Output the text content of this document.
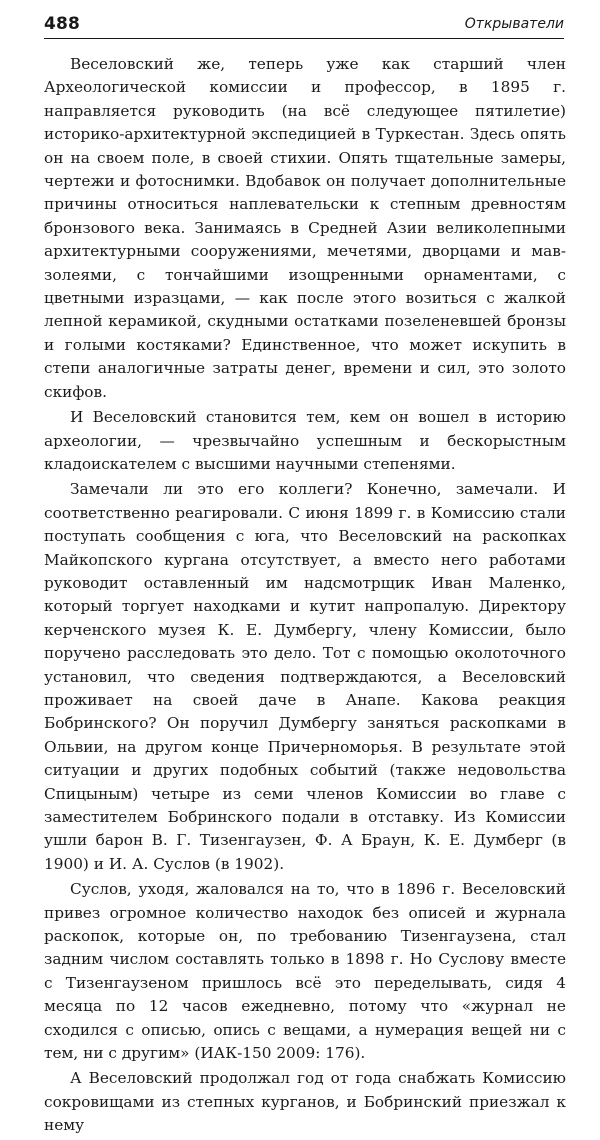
488	Открыватели

Веселовский же, теперь уже как старший член Археологической комиссии и профессор, в 1895 г. направляется руководить (на всё следующее пятилетие) историко-архитектурной экспедицией в Туркестан. Здесь опять он на своем поле, в своей стихии. Опять тщательные замеры, чертежи и фотоснимки. Вдобавок он получает дополнительные причины относиться наплевательски к степным древностям бронзового века. Занимаясь в Средней Азии великолепными архитектурными сооружениями, мечетями, дворцами и мавзолеями, с тончайшими изощренными орнаментами, с цветными изразцами, — как после этого возиться с жалкой лепной керамикой, скудными остатками позеленевшей бронзы и голыми костяками? Единственное, что может искупить в степи аналогичные затраты денег, времени и сил, это золото скифов.

И Веселовский становится тем, кем он вошел в историю археологии, — чрезвычайно успешным и бескорыстным кладоискателем с высшими научными степенями.

Замечали ли это его коллеги? Конечно, замечали. И соответственно реагировали. С июня 1899 г. в Комиссию стали поступать сообщения с юга, что Веселовский на раскопках Майкопского кургана отсутствует, а вместо него работами руководит оставленный им надсмотрщик Иван Маленко, который торгует находками и кутит напропалую. Директору керченского музея К. Е. Думбергу, члену Комиссии, было поручено расследовать это дело. Тот с помощью околоточного установил, что сведения подтверждаются, а Веселовский проживает на своей даче в Анапе. Какова реакция Бобринского? Он поручил Думбергу заняться раскопками в Ольвии, на другом конце Причерноморья. В результате этой ситуации и других подобных событий (также недовольства Спицыным) четыре из семи членов Комиссии во главе с заместителем Бобринского подали в отставку. Из Комиссии ушли барон В. Г. Тизенгаузен, Ф. А Браун, К. Е. Думберг (в 1900) и И. А. Суслов (в 1902).

Суслов, уходя, жаловался на то, что в 1896 г. Веселовский привез огромное количество находок без описей и журнала раскопок, которые он, по требованию Тизенгаузена, стал задним числом составлять только в 1898 г. Но Суслову вместе с Тизенгаузеном пришлось всё это переделывать, сидя 4 месяца по 12 часов ежедневно, потому что «журнал не сходился с описью, опись с вещами, а нумерация вещей ни с тем, ни с другим» (ИАК-150 2009: 176).

А Веселовский продолжал год от года снабжать Комиссию сокровищами из степных курганов, и Бобринский приезжал к нему
